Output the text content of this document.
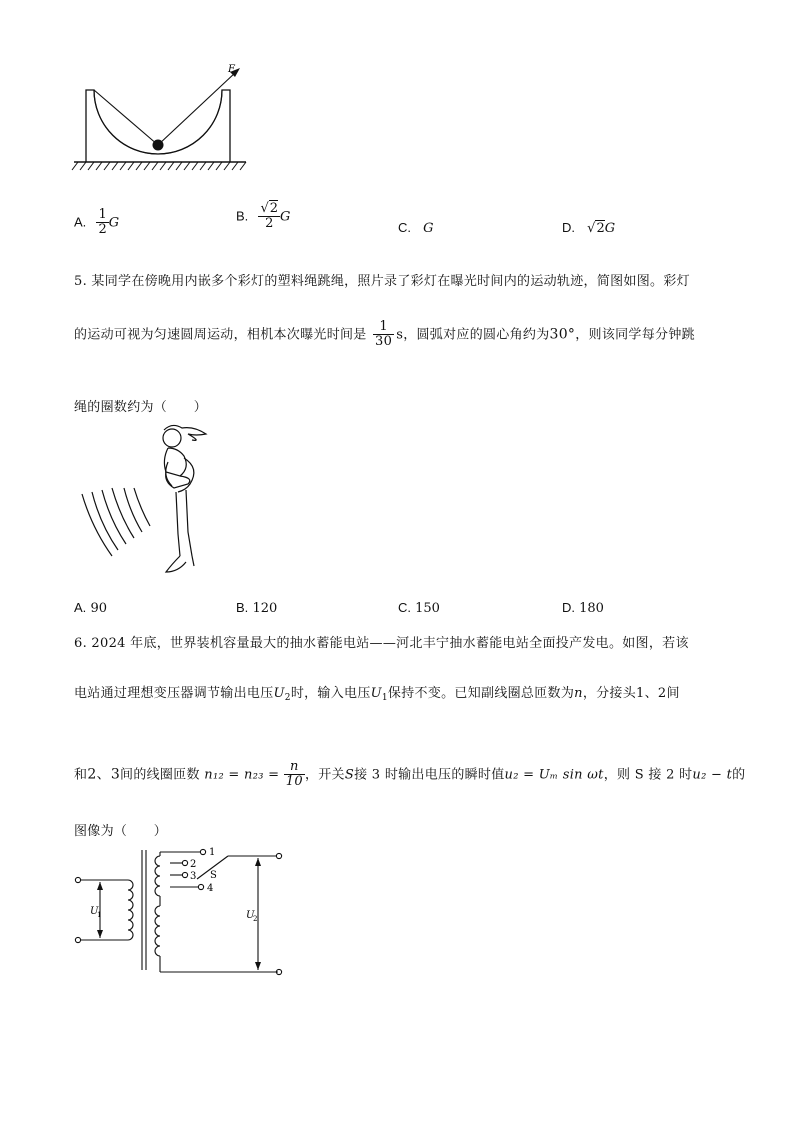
F
A. $\frac{1}{2}$ G	B. $\frac{√2}{2}$ G
C. G	D. √2G
5. 某同学在傍晚用内嵌多个彩灯的塑料绳跳绳，照片录了彩灯在曝光时间内的运动轨迹，简图如图。彩灯
的运动可视为匀速圆周运动，相机本次曝光时间是 $\frac{1}{30}$ s，圆弧对应的圆心角约为30°，则该同学每分钟跳
绳的圈数约为（　　）
A. 90	B. 120	C. 150	D. 180
6. 2024 年底，世界装机容量最大的抽水蓄能电站——河北丰宁抽水蓄能电站全面投产发电。如图，若该
电站通过理想变压器调节输出电压$U_2$时，输入电压$U_1$保持不变。已知副线圈总匝数为n，分接头1、2间
和2、3间的线圈匝数 $n_{12} = n_{23} = \frac{n}{10}$ ，开关S接 3 时输出电压的瞬时值u₂ = Uₘ sin ωt，则 S 接 2 时u₂ − t的
图像为（　　）
1
2
3
4
S
U
1	U
2
